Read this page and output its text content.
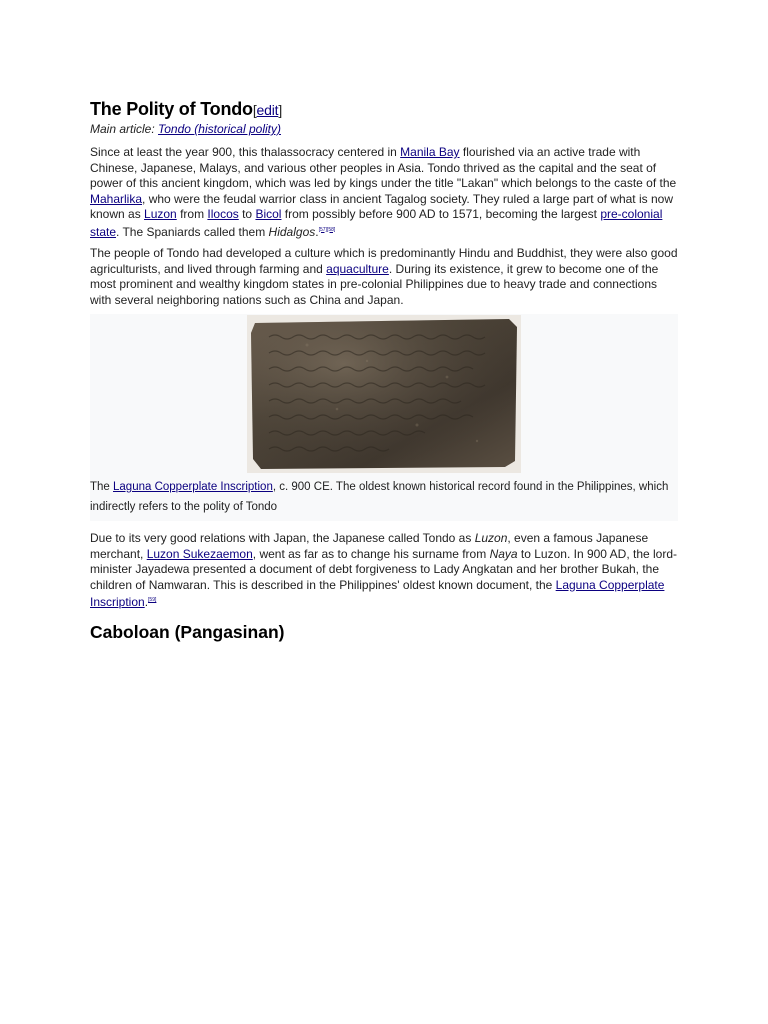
The Polity of Tondo[edit]
Main article: Tondo (historical polity)

Since at least the year 900, this thalassocracy centered in Manila Bay flourished via an active trade with Chinese, Japanese, Malays, and various other peoples in Asia. Tondo thrived as the capital and the seat of power of this ancient kingdom, which was led by kings under the title "Lakan" which belongs to the caste of the Maharlika, who were the feudal warrior class in ancient Tagalog society. They ruled a large part of what is now known as Luzon from Ilocos to Bicol from possibly before 900 AD to 1571, becoming the largest pre-colonial state. The Spaniards called them Hidalgos.[57][58]

The people of Tondo had developed a culture which is predominantly Hindu and Buddhist, they were also good agriculturists, and lived through farming and aquaculture. During its existence, it grew to become one of the most prominent and wealthy kingdom states in pre-colonial Philippines due to heavy trade and connections with several neighboring nations such as China and Japan.

The Laguna Copperplate Inscription, c. 900 CE. The oldest known historical record found in the Philippines, which indirectly refers to the polity of Tondo

Due to its very good relations with Japan, the Japanese called Tondo as Luzon, even a famous Japanese merchant, Luzon Sukezaemon, went as far as to change his surname from Naya to Luzon. In 900 AD, the lord-minister Jayadewa presented a document of debt forgiveness to Lady Angkatan and her brother Bukah, the children of Namwaran. This is described in the Philippines' oldest known document, the Laguna Copperplate Inscription.[59]

Caboloan (Pangasinan)
